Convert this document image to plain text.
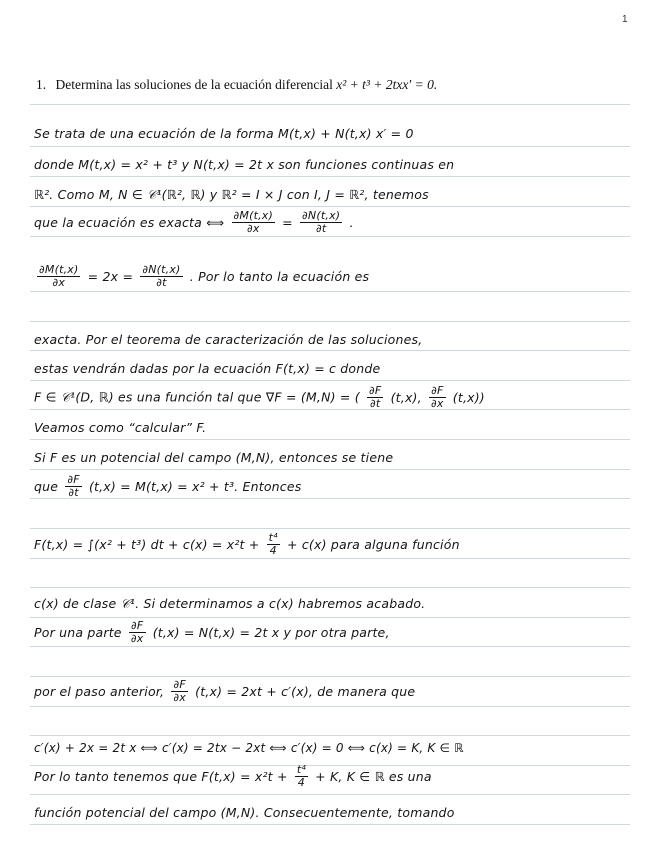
1
1. Determina las soluciones de la ecuación diferencial x² + t³ + 2txx′ = 0.
Se trata de una ecuación de la forma M(t,x) + N(t,x) x′ = 0
donde M(t,x) = x² + t³ y N(t,x) = 2t x son funciones continuas en
ℝ². Como M, N ∈ 𝒞¹(ℝ², ℝ) y ℝ² = I × J con I, J = ℝ², tenemos
que la ecuación es exacta ⟺ $\frac{\partial M(t,x)}{\partial x} = \frac{\partial N(t,x)}{\partial t}$ .
$\frac{\partial M(t,x)}{\partial x} = 2x = \frac{\partial N(t,x)}{\partial t}$ . Por lo tanto la ecuación es
exacta. Por el teorema de caracterización de las soluciones,
estas vendrán dadas por la ecuación F(t,x) = c donde
F ∈ 𝒞¹(D, ℝ) es una función tal que ∇F = (M,N) = ( $\frac{\partial F}{\partial t} (t,x)$, $\frac{\partial F}{\partial x} (t,x)$)
Veamos como “calcular” F.
Si F es un potencial del campo (M,N), entonces se tiene
que $\frac{\partial F}{\partial t} (t,x) = M(t,x) = x^2 + t^3$. Entonces
F(t,x) = ∫(x² + t³) dt + $c(x) = x^2t + \frac{\text{t⁴}}{4} + c(x)$ para alguna función
c(x) de clase 𝒞¹. Si determinamos a c(x) habremos acabado.
Por una parte $\frac{\partial F}{\partial x} (t,x) = N(t,x) = 2t$ x y por otra parte,
por el paso anterior, $\frac{\partial F}{\partial x} (t,x) = 2xt + c'(x)$, de manera que
c′(x) + 2x = 2t x ⟺ c′(x) = 2tx − 2xt ⟺ c′(x) = 0 ⟺ c(x) = K, K ∈ ℝ
Por lo tanto tenemos que $F(t,x) = x^2t + \frac{\text{t⁴}}{4} + K$, K ∈ ℝ es una
función potencial del campo (M,N). Consecuentemente, tomando
